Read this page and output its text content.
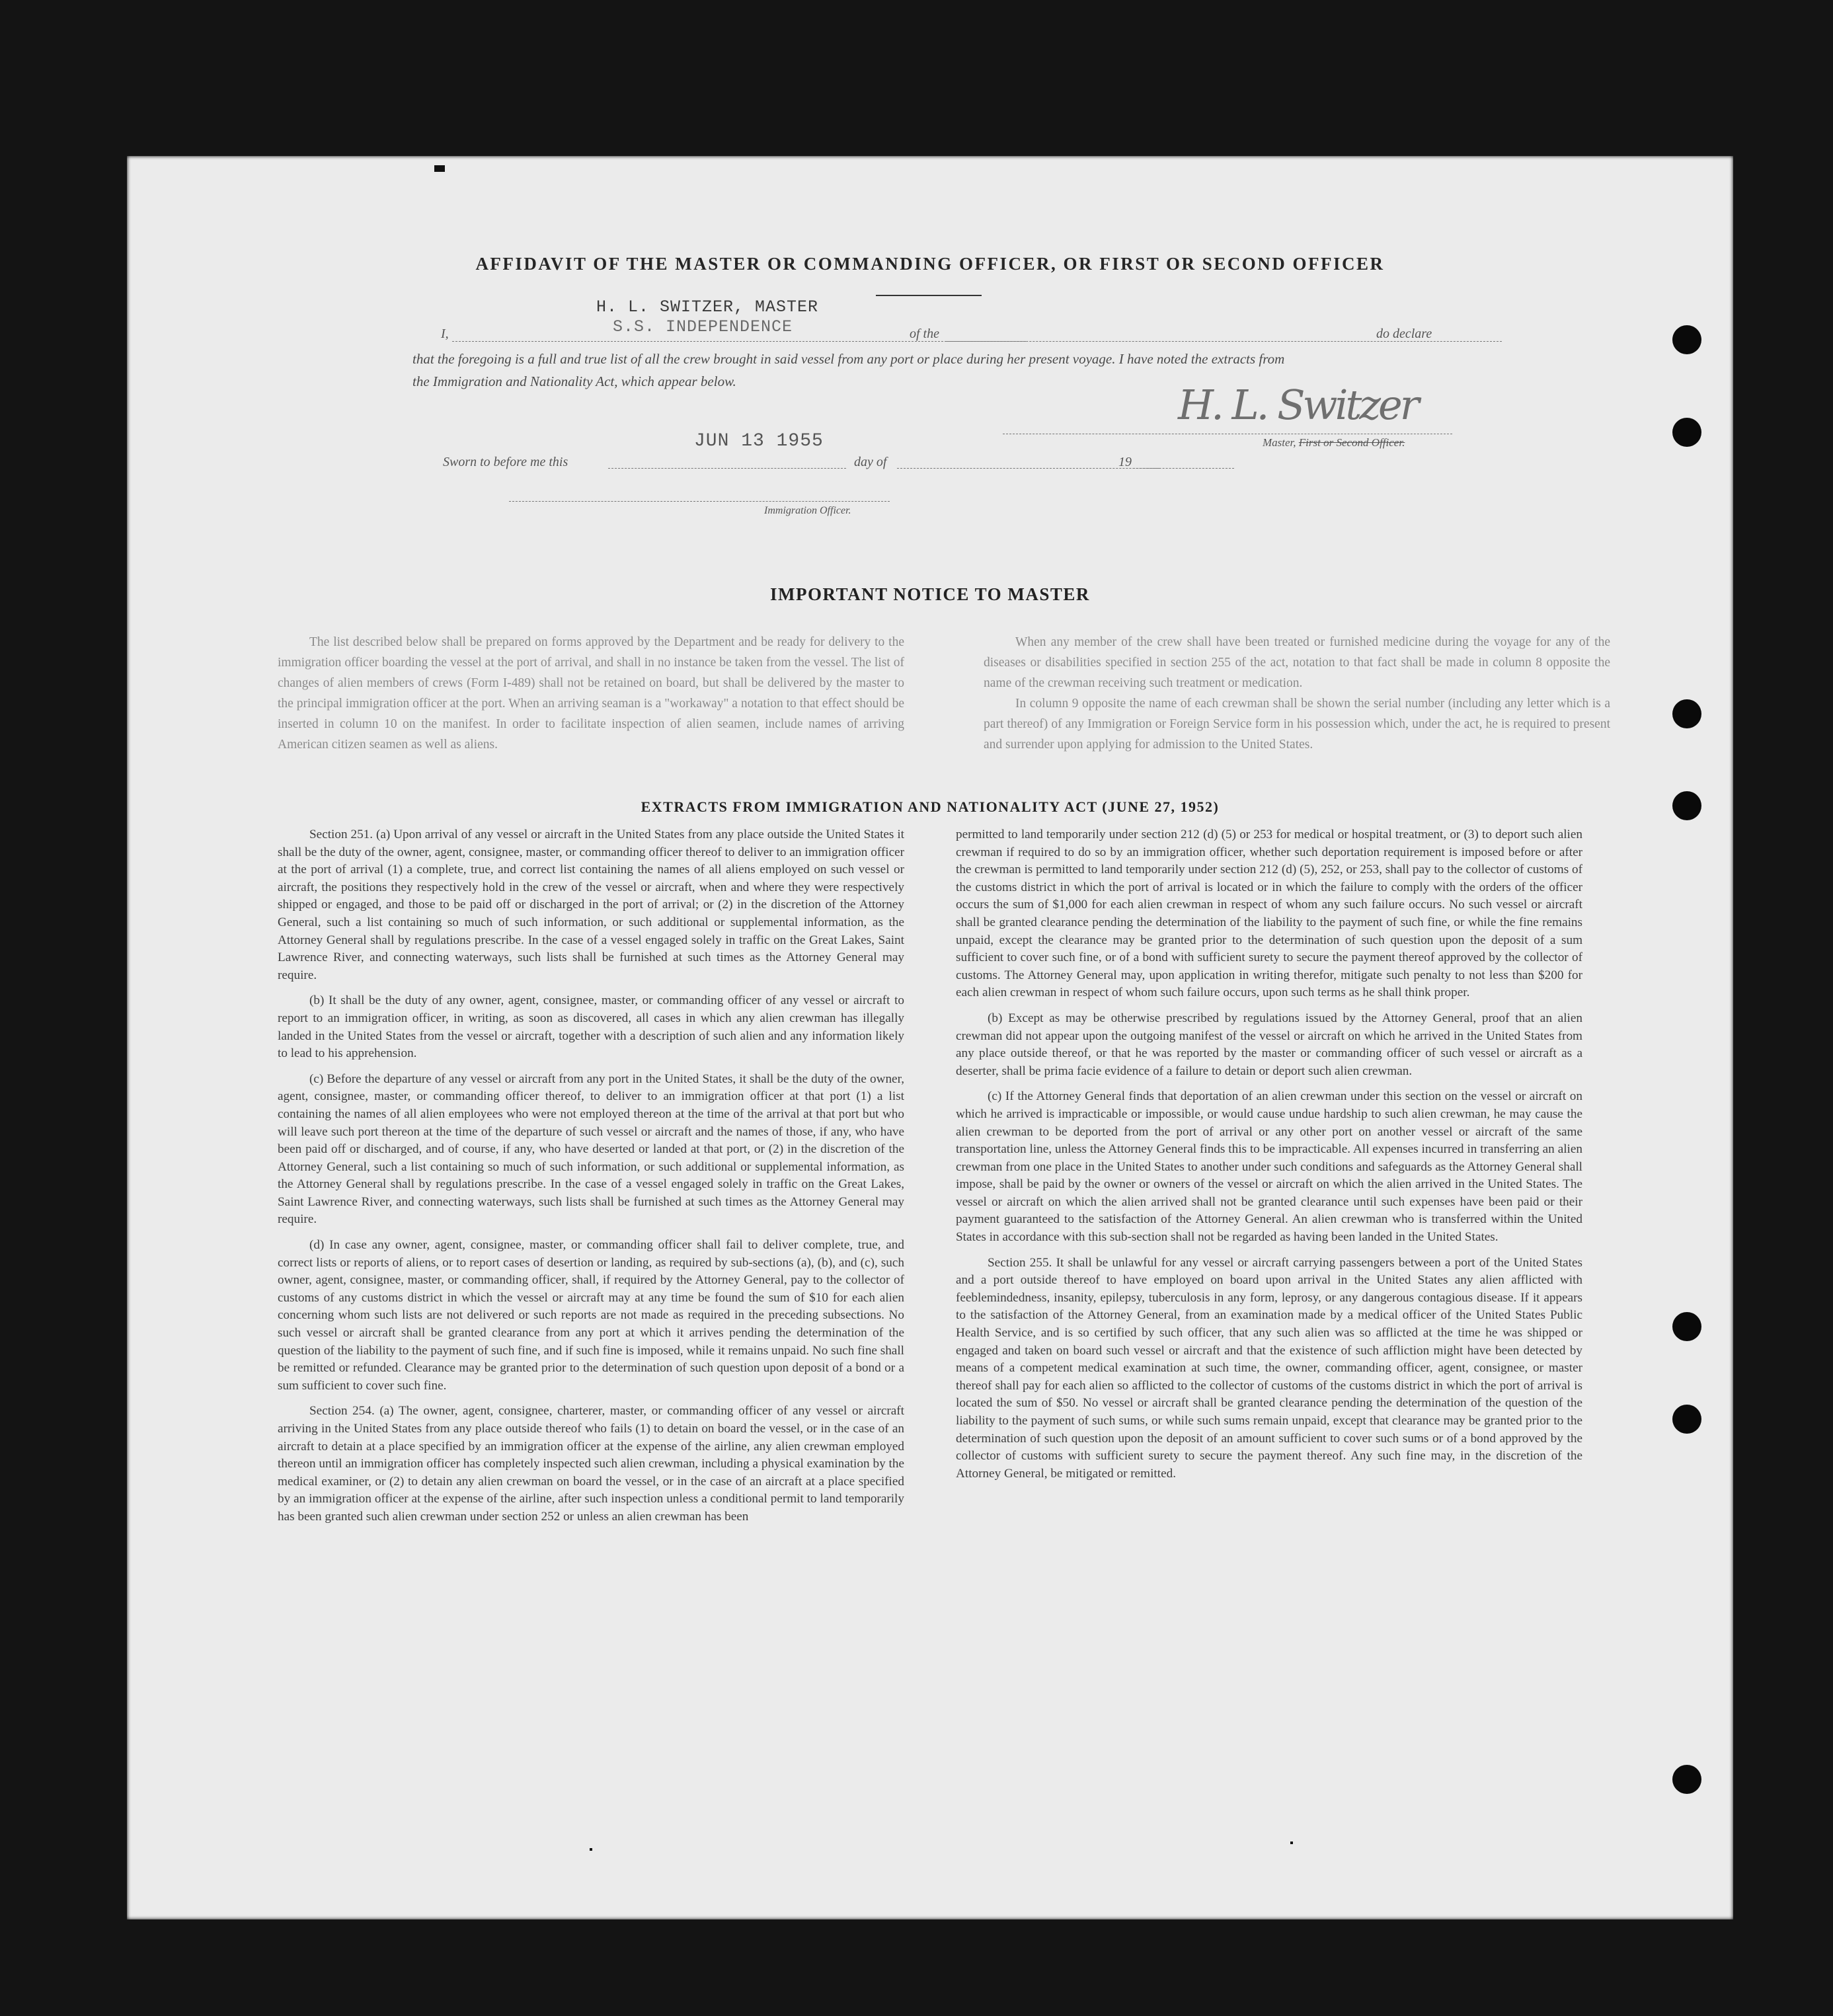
AFFIDAVIT OF THE MASTER OR COMMANDING OFFICER, OR FIRST OR SECOND OFFICER
H. L. SWITZER, MASTER
S.S. INDEPENDENCE
I,	of the	do declare
that the foregoing is a full and true list of all the crew brought in said vessel from any port or place during her present voyage. I have noted the extracts from
the Immigration and Nationality Act, which appear below.	H. L. Switzer
Master, First or Second Officer.
JUN 13 1955
Sworn to before me this	day of	19
Immigration Officer.
IMPORTANT NOTICE TO MASTER

The list described below shall be prepared on forms approved by the Department and be ready for delivery to the immigration officer boarding the vessel at the port of arrival, and shall in no instance be taken from the vessel. The list of changes of alien members of crews (Form I-489) shall not be retained on board, but shall be delivered by the master to the principal immigration officer at the port. When an arriving seaman is a "workaway" a notation to that effect should be inserted in column 10 on the manifest. In order to facilitate inspection of alien seamen, include names of arriving American citizen seamen as well as aliens.

When any member of the crew shall have been treated or furnished medicine during the voyage for any of the diseases or disabilities specified in section 255 of the act, notation to that fact shall be made in column 8 opposite the name of the crewman receiving such treatment or medication.

In column 9 opposite the name of each crewman shall be shown the serial number (including any letter which is a part thereof) of any Immigration or Foreign Service form in his possession which, under the act, he is required to present and surrender upon applying for admission to the United States.

EXTRACTS FROM IMMIGRATION AND NATIONALITY ACT (JUNE 27, 1952)

Section 251. (a) Upon arrival of any vessel or aircraft in the United States from any place outside the United States it shall be the duty of the owner, agent, consignee, master, or commanding officer thereof to deliver to an immigration officer at the port of arrival (1) a complete, true, and correct list containing the names of all aliens employed on such vessel or aircraft, the positions they respectively hold in the crew of the vessel or aircraft, when and where they were respectively shipped or engaged, and those to be paid off or discharged in the port of arrival; or (2) in the discretion of the Attorney General, such a list containing so much of such information, or such additional or supplemental information, as the Attorney General shall by regulations prescribe. In the case of a vessel engaged solely in traffic on the Great Lakes, Saint Lawrence River, and connecting waterways, such lists shall be furnished at such times as the Attorney General may require.

(b) It shall be the duty of any owner, agent, consignee, master, or commanding officer of any vessel or aircraft to report to an immigration officer, in writing, as soon as discovered, all cases in which any alien crewman has illegally landed in the United States from the vessel or aircraft, together with a description of such alien and any information likely to lead to his apprehension.

(c) Before the departure of any vessel or aircraft from any port in the United States, it shall be the duty of the owner, agent, consignee, master, or commanding officer thereof, to deliver to an immigration officer at that port (1) a list containing the names of all alien employees who were not employed thereon at the time of the arrival at that port but who will leave such port thereon at the time of the departure of such vessel or aircraft and the names of those, if any, who have been paid off or discharged, and of course, if any, who have deserted or landed at that port, or (2) in the discretion of the Attorney General, such a list containing so much of such information, or such additional or supplemental information, as the Attorney General shall by regulations prescribe. In the case of a vessel engaged solely in traffic on the Great Lakes, Saint Lawrence River, and connecting waterways, such lists shall be furnished at such times as the Attorney General may require.

(d) In case any owner, agent, consignee, master, or commanding officer shall fail to deliver complete, true, and correct lists or reports of aliens, or to report cases of desertion or landing, as required by sub-sections (a), (b), and (c), such owner, agent, consignee, master, or commanding officer, shall, if required by the Attorney General, pay to the collector of customs of any customs district in which the vessel or aircraft may at any time be found the sum of $10 for each alien concerning whom such lists are not delivered or such reports are not made as required in the preceding subsections. No such vessel or aircraft shall be granted clearance from any port at which it arrives pending the determination of the question of the liability to the payment of such fine, and if such fine is imposed, while it remains unpaid. No such fine shall be remitted or refunded. Clearance may be granted prior to the determination of such question upon deposit of a bond or a sum sufficient to cover such fine.

Section 254. (a) The owner, agent, consignee, charterer, master, or commanding officer of any vessel or aircraft arriving in the United States from any place outside thereof who fails (1) to detain on board the vessel, or in the case of an aircraft to detain at a place specified by an immigration officer at the expense of the airline, any alien crewman employed thereon until an immigration officer has completely inspected such alien crewman, including a physical examination by the medical examiner, or (2) to detain any alien crewman on board the vessel, or in the case of an aircraft at a place specified by an immigration officer at the expense of the airline, after such inspection unless a conditional permit to land temporarily has been granted such alien crewman under section 252 or unless an alien crewman has been

permitted to land temporarily under section 212 (d) (5) or 253 for medical or hospital treatment, or (3) to deport such alien crewman if required to do so by an immigration officer, whether such deportation requirement is imposed before or after the crewman is permitted to land temporarily under section 212 (d) (5), 252, or 253, shall pay to the collector of customs of the customs district in which the port of arrival is located or in which the failure to comply with the orders of the officer occurs the sum of $1,000 for each alien crewman in respect of whom any such failure occurs. No such vessel or aircraft shall be granted clearance pending the determination of the liability to the payment of such fine, or while the fine remains unpaid, except the clearance may be granted prior to the determination of such question upon the deposit of a sum sufficient to cover such fine, or of a bond with sufficient surety to secure the payment thereof approved by the collector of customs. The Attorney General may, upon application in writing therefor, mitigate such penalty to not less than $200 for each alien crewman in respect of whom such failure occurs, upon such terms as he shall think proper.

(b) Except as may be otherwise prescribed by regulations issued by the Attorney General, proof that an alien crewman did not appear upon the outgoing manifest of the vessel or aircraft on which he arrived in the United States from any place outside thereof, or that he was reported by the master or commanding officer of such vessel or aircraft as a deserter, shall be prima facie evidence of a failure to detain or deport such alien crewman.

(c) If the Attorney General finds that deportation of an alien crewman under this section on the vessel or aircraft on which he arrived is impracticable or impossible, or would cause undue hardship to such alien crewman, he may cause the alien crewman to be deported from the port of arrival or any other port on another vessel or aircraft of the same transportation line, unless the Attorney General finds this to be impracticable. All expenses incurred in transferring an alien crewman from one place in the United States to another under such conditions and safeguards as the Attorney General shall impose, shall be paid by the owner or owners of the vessel or aircraft on which the alien arrived in the United States. The vessel or aircraft on which the alien arrived shall not be granted clearance until such expenses have been paid or their payment guaranteed to the satisfaction of the Attorney General. An alien crewman who is transferred within the United States in accordance with this sub-section shall not be regarded as having been landed in the United States.

Section 255. It shall be unlawful for any vessel or aircraft carrying passengers between a port of the United States and a port outside thereof to have employed on board upon arrival in the United States any alien afflicted with feeblemindedness, insanity, epilepsy, tuberculosis in any form, leprosy, or any dangerous contagious disease. If it appears to the satisfaction of the Attorney General, from an examination made by a medical officer of the United States Public Health Service, and is so certified by such officer, that any such alien was so afflicted at the time he was shipped or engaged and taken on board such vessel or aircraft and that the existence of such affliction might have been detected by means of a competent medical examination at such time, the owner, commanding officer, agent, consignee, or master thereof shall pay for each alien so afflicted to the collector of customs of the customs district in which the port of arrival is located the sum of $50. No vessel or aircraft shall be granted clearance pending the determination of the question of the liability to the payment of such sums, or while such sums remain unpaid, except that clearance may be granted prior to the determination of such question upon the deposit of an amount sufficient to cover such sums or of a bond approved by the collector of customs with sufficient surety to secure the payment thereof. Any such fine may, in the discretion of the Attorney General, be mitigated or remitted.
